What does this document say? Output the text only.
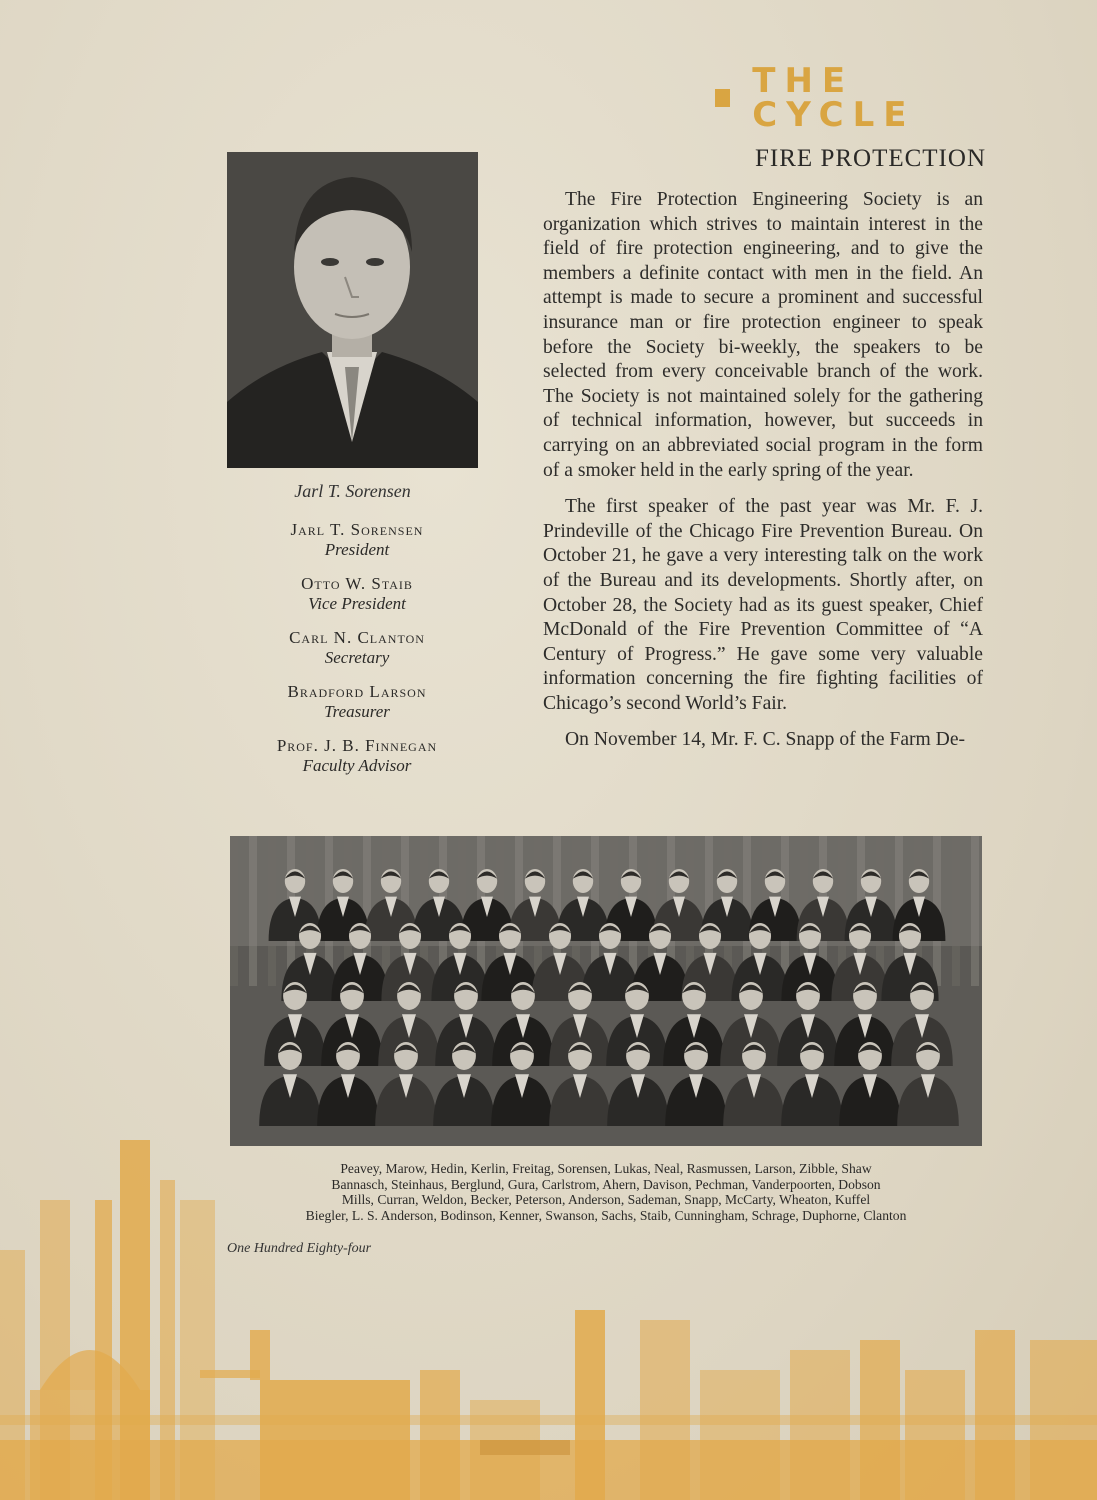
THE CYCLE
FIRE PROTECTION
Jarl T. Sorensen
Jarl T. Sorensen
President
Otto W. Staib
Vice President
Carl N. Clanton
Secretary
Bradford Larson
Treasurer
Prof. J. B. Finnegan
Faculty Advisor

The Fire Protection Engineering Society is an organization which strives to maintain interest in the field of fire protection engineering, and to give the members a definite contact with men in the field. An attempt is made to secure a prominent and successful insurance man or fire protection engineer to speak before the Society bi-weekly, the speakers to be selected from every conceivable branch of the work. The Society is not maintained solely for the gathering of technical information, however, but succeeds in carrying on an abbreviated social program in the form of a smoker held in the early spring of the year.

The first speaker of the past year was Mr. F. J. Prindeville of the Chicago Fire Prevention Bureau. On October 21, he gave a very interesting talk on the work of the Bureau and its developments. Shortly after, on October 28, the Society had as its guest speaker, Chief McDonald of the Fire Prevention Committee of “A Century of Progress.” He gave some very valuable information concerning the fire fighting facilities of Chicago’s second World’s Fair.

On November 14, Mr. F. C. Snapp of the Farm De-

Peavey, Marow, Hedin, Kerlin, Freitag, Sorensen, Lukas, Neal, Rasmussen, Larson, Zibble, Shaw
Bannasch, Steinhaus, Berglund, Gura, Carlstrom, Ahern, Davison, Pechman, Vanderpoorten, Dobson
Mills, Curran, Weldon, Becker, Peterson, Anderson, Sademan, Snapp, McCarty, Wheaton, Kuffel
Biegler, L. S. Anderson, Bodinson, Kenner, Swanson, Sachs, Staib, Cunningham, Schrage, Duphorne, Clanton
One Hundred Eighty-four
